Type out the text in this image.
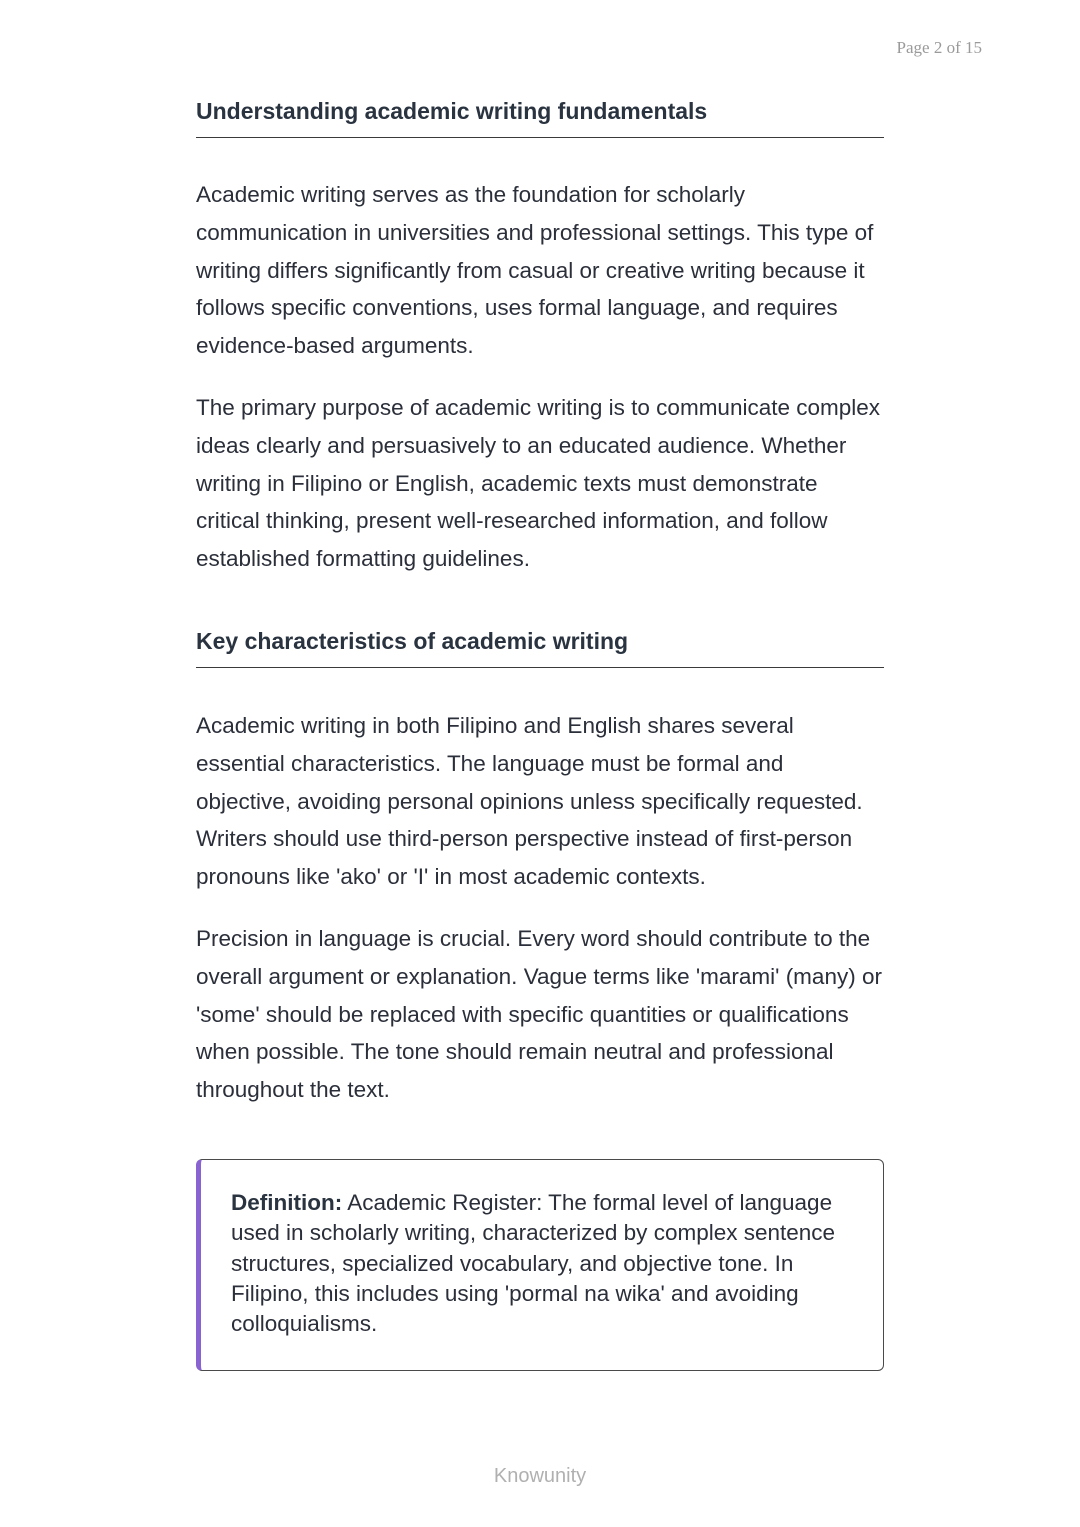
Page 2 of 15
Understanding academic writing fundamentals

Academic writing serves as the foundation for scholarly communication in universities and professional settings. This type of writing differs significantly from casual or creative writing because it follows specific conventions, uses formal language, and requires evidence-based arguments.

The primary purpose of academic writing is to communicate complex ideas clearly and persuasively to an educated audience. Whether writing in Filipino or English, academic texts must demonstrate critical thinking, present well-researched information, and follow established formatting guidelines.

Key characteristics of academic writing

Academic writing in both Filipino and English shares several essential characteristics. The language must be formal and objective, avoiding personal opinions unless specifically requested. Writers should use third-person perspective instead of first-person pronouns like 'ako' or 'I' in most academic contexts.

Precision in language is crucial. Every word should contribute to the overall argument or explanation. Vague terms like 'marami' (many) or 'some' should be replaced with specific quantities or qualifications when possible. The tone should remain neutral and professional throughout the text.

Definition: Academic Register: The formal level of language used in scholarly writing, characterized by complex sentence structures, specialized vocabulary, and objective tone. In Filipino, this includes using 'pormal na wika' and avoiding colloquialisms.

Knowunity
